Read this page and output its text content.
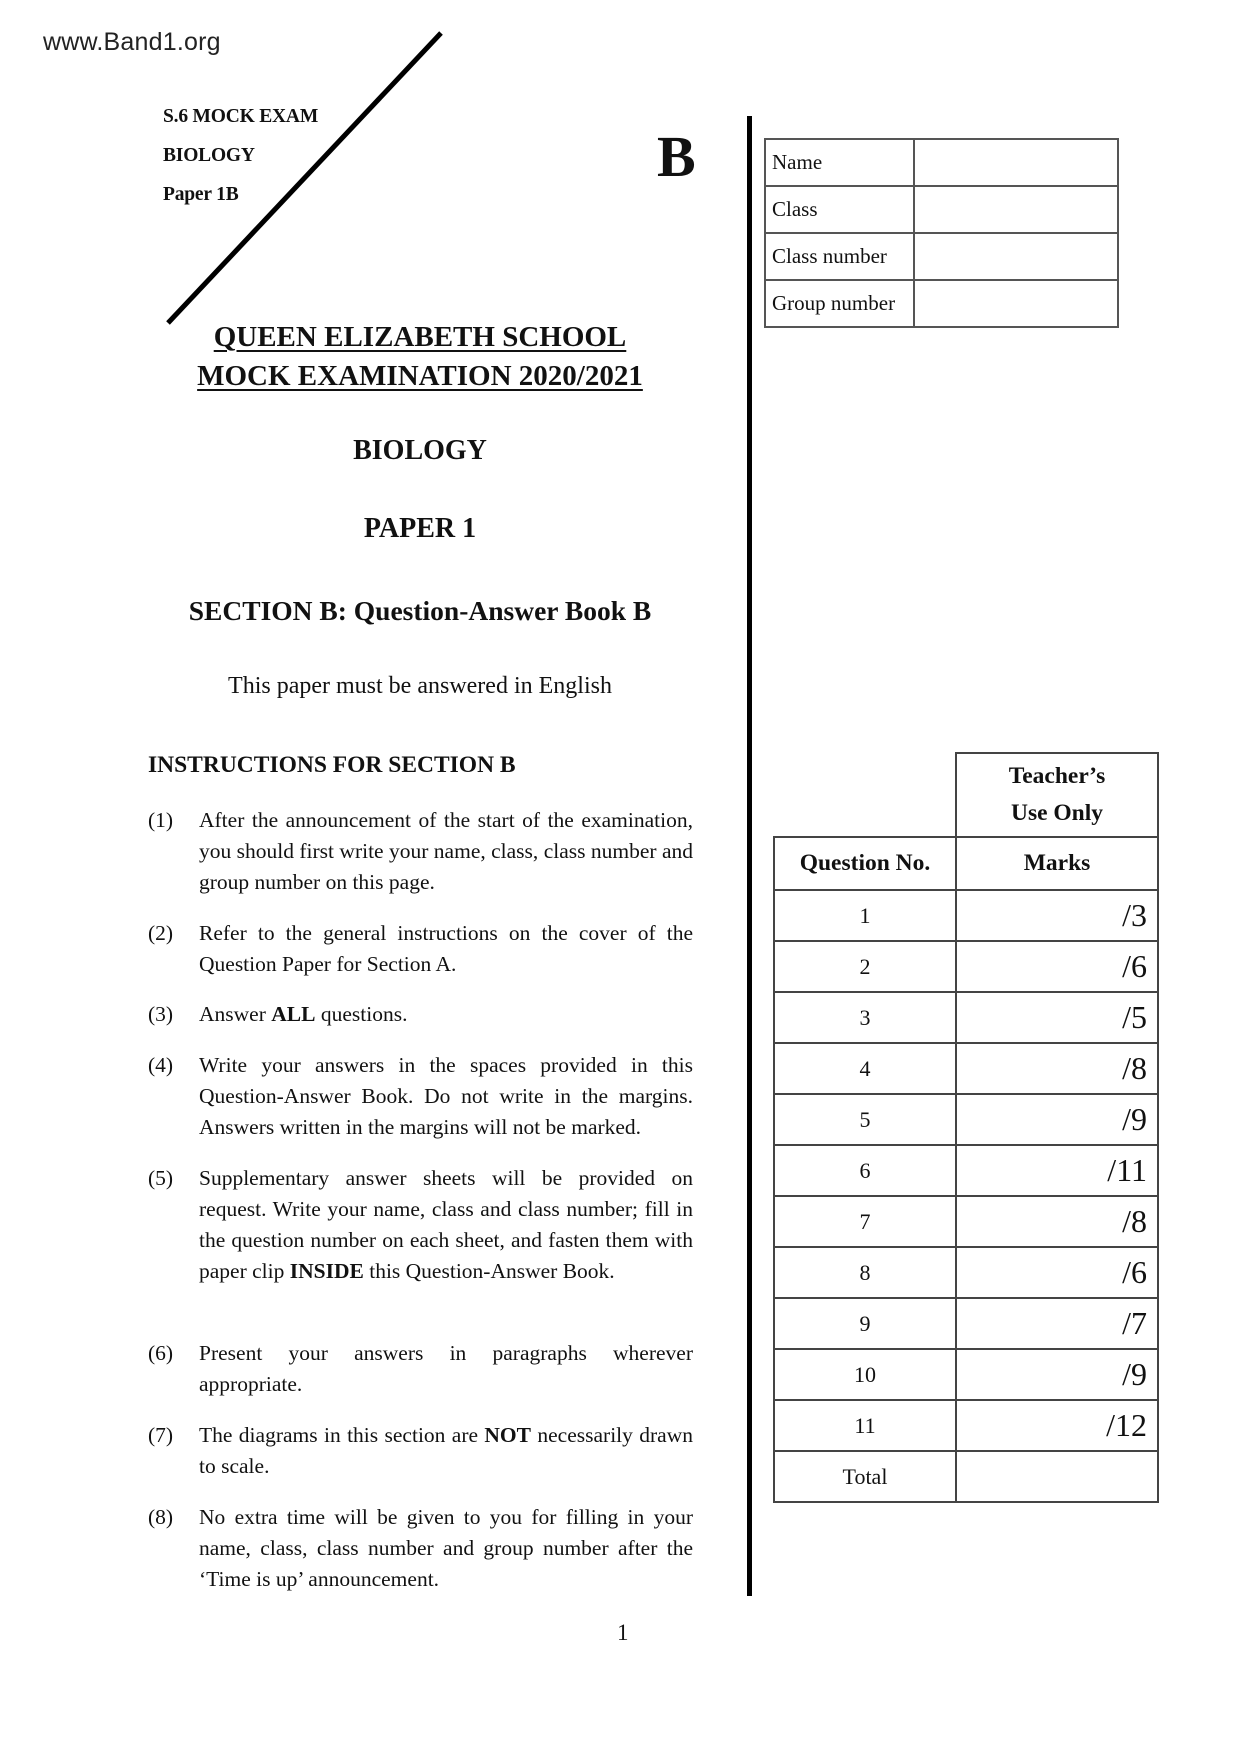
www.Band1.org
S.6 MOCK EXAM
BIOLOGY
Paper 1B
B	Name	
Class	
Class number	
Group number	
QUEEN ELIZABETH SCHOOL
MOCK EXAMINATION 2020/2021
BIOLOGY
PAPER 1
SECTION B: Question-Answer Book B
This paper must be answered in English
INSTRUCTIONS FOR SECTION B
(1) After the announcement of the start of the examination, you should first write your name, class, class number and group number on this page.
(2) Refer to the general instructions on the cover of the Question Paper for Section A.
(3) Answer ALL questions.
(4) Write your answers in the spaces provided in this Question-Answer Book. Do not write in the margins. Answers written in the margins will not be marked.
(5) Supplementary answer sheets will be provided on request. Write your name, class and class number; fill in the question number on each sheet, and fasten them with paper clip INSIDE this Question-Answer Book.
(6) Present your answers in paragraphs wherever appropriate.
(7) The diagrams in this section are NOT necessarily drawn to scale.
(8) No extra time will be given to you for filling in your name, class, class number and group number after the ‘Time is up’ announcement.

	Teacher’s
Use Only

Question No.	Marks
1	/3
2	/6
3	/5
4	/8
5	/9
6	/11
7	/8
8	/6
9	/7
10	/9
11	/12
Total	
1
